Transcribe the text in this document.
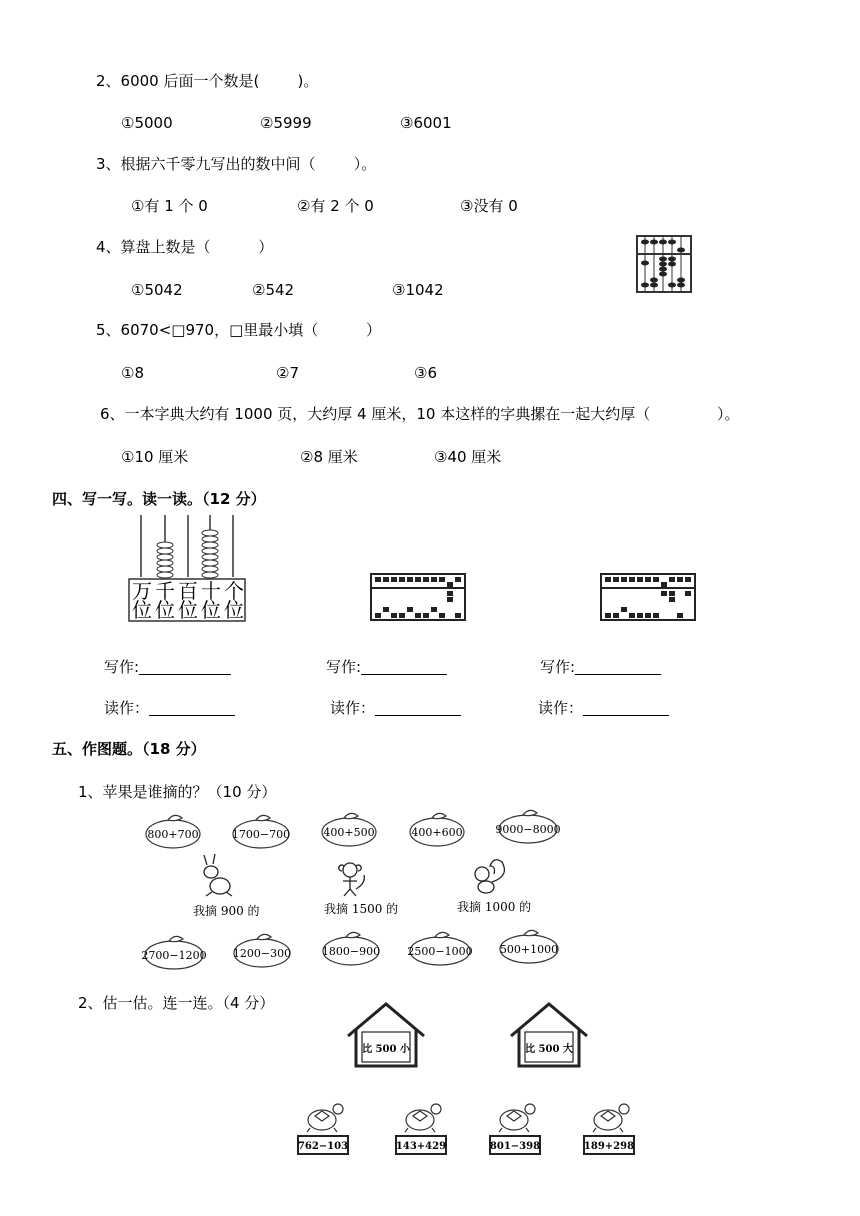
2、6000 后面一个数是(        )。
①5000	②5999	③6001
3、根据六千零九写出的数中间（        ）。
①有 1 个 0	②有 2 个 0	③没有 0
4、算盘上数是（          ）
①5042	②542	③1042
5、6070<□970，□里最小填（          ）
①8	②7	③6
6、一本字典大约有 1000 页，大约厚 4 厘米，10 本这样的字典摞在一起大约厚（              ）。
①10 厘米	②8 厘米	③40 厘米
四、写一写。读一读。（12 分）
万千百十个
位位位位位
写作:	写作:	写作:
读作：	读作：	读作：
五、作图题。（18 分）
1、苹果是谁摘的？（10 分）
800+700	1700−700	400+500	400+600	9000−8000
我摘 900 的	我摘 1500 的	我摘 1000 的
2700−1200 1200−300	1800−900 2500−1000 500+1000
比 500 小	比 500 大
762−103	143+429	801−398	189+298
2、估一估。连一连。（4 分）
